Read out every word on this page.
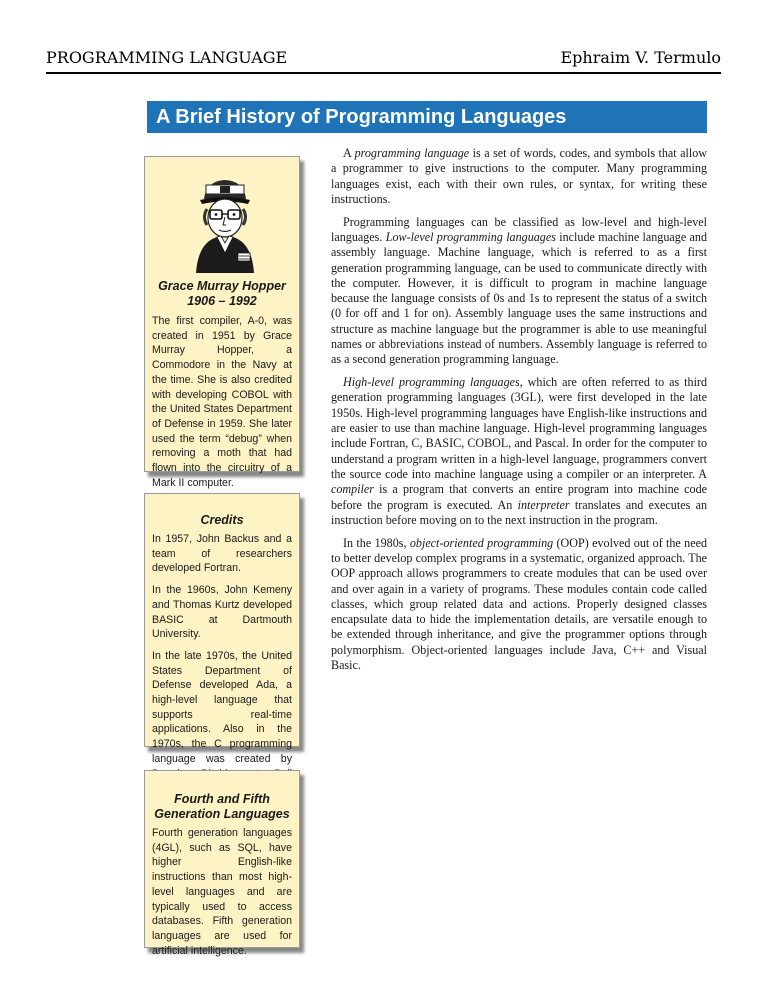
PROGRAMMING LANGUAGE	Ephraim V. Termulo
A Brief History of Programming Languages
Grace Murray Hopper
1906 – 1992

The first compiler, A-0, was created in 1951 by Grace Murray Hopper, a Commodore in the Navy at the time. She is also credited with developing COBOL with the United States Department of Defense in 1959. She later used the term “debug” when removing a moth that had flown into the circuitry of a Mark II computer.

Credits

In 1957, John Backus and a team of researchers developed Fortran.

In the 1960s, John Kemeny and Thomas Kurtz developed BASIC at Dartmouth University.

In the late 1970s, the United States Department of Defense developed Ada, a high-level language that supports real-time applications. Also in the 1970s, the C programming language was created by

Fourth and Fifth
Generation Languages

Fourth generation languages (4GL), such as SQL, have higher English-like instructions than most high-level languages and are typically used to access databases. Fifth generation languages are used for artificial intelligence.

A programming language is a set of words, codes, and symbols that allow a programmer to give instructions to the computer. Many programming languages exist, each with their own rules, or syntax, for writing these instructions.

Programming languages can be classified as low-level and high-level languages. Low-level programming languages include machine language and assembly language. Machine language, which is referred to as a first generation programming language, can be used to communicate directly with the computer. However, it is difficult to program in machine language because the language consists of 0s and 1s to represent the status of a switch (0 for off and 1 for on). Assembly language uses the same instructions and structure as machine language but the programmer is able to use meaningful names or abbreviations instead of numbers. Assembly language is referred to as a second generation programming language.

High-level programming languages, which are often referred to as third generation programming languages (3GL), were first developed in the late 1950s. High-level programming languages have English-like instructions and are easier to use than machine language. High-level programming languages include Fortran, C, BASIC, COBOL, and Pascal. In order for the computer to understand a program written in a high-level language, programmers convert the source code into machine language using a compiler or an interpreter. A compiler is a program that converts an entire program into machine code before the program is executed. An interpreter translates and executes an instruction before moving on to the next instruction in the program.

In the 1980s, object-oriented programming (OOP) evolved out of the need to better develop complex programs in a systematic, organized approach. The OOP approach allows programmers to create modules that can be used over and over again in a variety of programs. These modules contain code called classes, which group related data and actions. Properly designed classes encapsulate data to hide the implementation details, are versatile enough to be extended through inheritance, and give the programmer options through polymorphism. Object-oriented languages include Java, C++ and Visual Basic.
